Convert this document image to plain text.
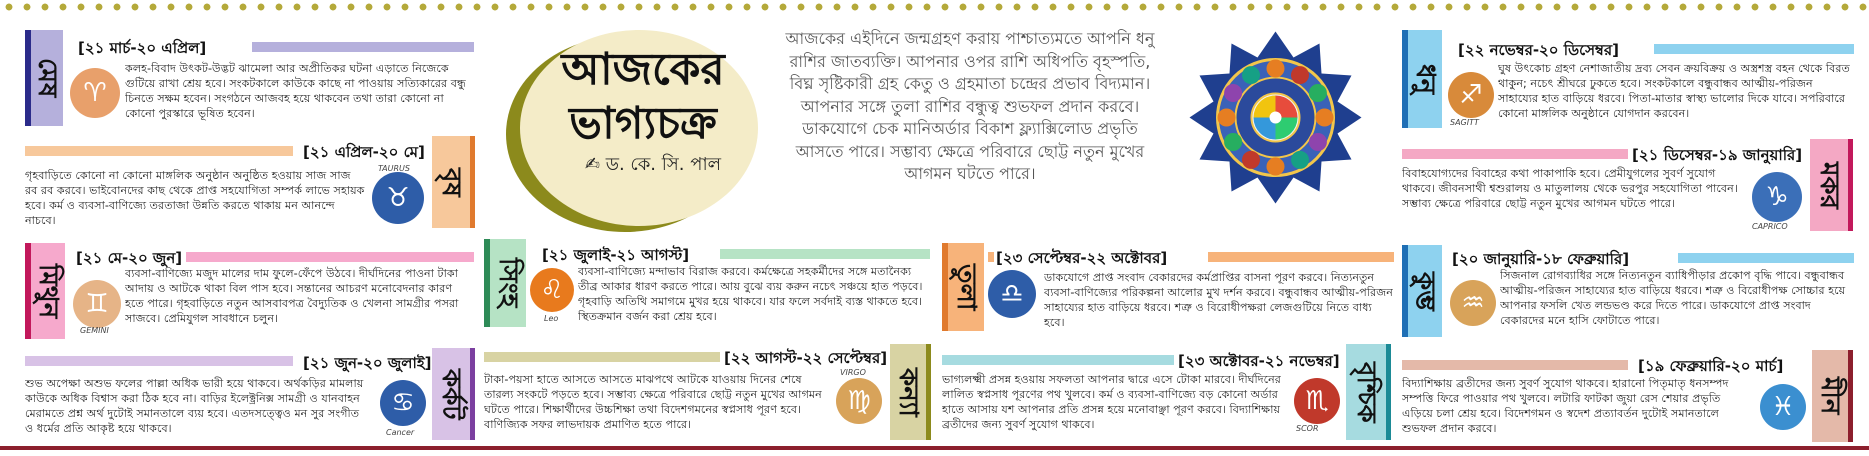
মেষ
[২১ মার্চ-২০ এপ্রিল]
♈
কলহ-বিবাদ উৎকট-উদ্ভট ঝামেলা আর অপ্রীতিকর ঘটনা এড়াতে নিজেকে গুটিয়ে রাখা শ্রেয় হবে। সংকটকালে কাউকে কাছে না পাওয়ায় সত্যিকারের বন্ধু চিনতে সক্ষম হবেন। সংগঠনে আজবহ হয়ে থাকবেন তথা তারা কোনো না কোনো পুরস্কারে ভূষিত হবেন।
[২১ এপ্রিল-২০ মে]
বৃষ
গৃহবাড়িতে কোনো না কোনো মাঙ্গলিক অনুষ্ঠান অনুষ্ঠিত হওয়ায় সাজ সাজ রব রব করবে। ভাইবোনদের কাছ থেকে প্রাপ্ত সহযোগিতা সম্পর্ক লাভে সহায়ক হবে। কর্ম ও ব্যবসা-বাণিজ্যে তরতাজা উন্নতি করতে থাকায় মন আনন্দে নাচবে।
♉
TAURUS
মিথুন
[২১ মে-২০ জুন]
♊
GEMINI
ব্যবসা-বাণিজ্যে মজুদ মালের দাম ফুলে-ফেঁপে উঠবে। দীর্ঘদিনের পাওনা টাকা আদায় ও আটকে থাকা বিল পাস হবে। সন্তানের আচরণ মনোবেদনার কারণ হতে পারে। গৃহবাড়িতে নতুন আসবাবপত্র বৈদ্যুতিক ও খেলনা সামগ্রীর পসরা সাজবে। প্রেমিযুগল সাবধানে চলুন।
[২১ জুন-২০ জুলাই]
কর্কট
শুভ অপেক্ষা অশুভ ফলের পাল্লা অধিক ভারী হয়ে থাকবে। অর্থকড়ির মামলায় কাউকে অধিক বিশ্বাস করা ঠিক হবে না। বাড়ির ইলেক্ট্রনিক্স সামগ্রী ও যানবাহন মেরামতে প্রশ্ন অর্থ দুটোই সমানতালে ব্যয় হবে। এতদসত্ত্বেও মন সুর সংগীত ও ধর্মের প্রতি আকৃষ্ট হয়ে থাকবে।
♋
Cancer
আজকের
ভাগ্যচক্র
✍ ড. কে. সি. পাল
আজকের এইদিনে জন্মগ্রহণ করায় পাশ্চাত্যমতে আপনি ধনু রাশির জাতব্যক্তি। আপনার ওপর রাশি অধিপতি বৃহস্পতি, বিঘ্ন সৃষ্টিকারী গ্রহ কেতু ও গ্রহমাতা চন্দ্রের প্রভাব বিদ্যমান। আপনার সঙ্গে তুলা রাশির বন্ধুত্ব শুভফল প্রদান করবে। ডাকযোগে চেক মানিঅর্ডার বিকাশ ফ্ল্যাক্সিলোড প্রভৃতি আসতে পারে। সম্ভাব্য ক্ষেত্রে পরিবারে ছোট্ট নতুন মুখের আগমন ঘটতে পারে।
সিংহ ♌
Leo
[২১ জুলাই-২১ আগস্ট]
ব্যবসা-বাণিজ্যে মন্দাভাব বিরাজ করবে। কর্মক্ষেত্রে সহকর্মীদের সঙ্গে মতানৈক্য তীব্র আকার ধারণ করতে পারে। আয় বুঝে ব্যয় করুন নচেৎ সঞ্চয়ে হাত পড়বে। গৃহবাড়ি অতিথি সমাগমে মুখর হয়ে থাকবে। যার ফলে সর্বদাই ব্যস্ত থাকতে হবে। স্থিতক্রমান বর্জন করা শ্রেয় হবে।
[২২ আগস্ট-২২ সেপ্টেম্বর]
কন্যা
টাকা-পয়সা হাতে আসতে আসতে মাঝপথে আটকে যাওয়ায় দিনের শেষে তারল্য সংকটে পড়তে হবে। সম্ভাব্য ক্ষেত্রে পরিবারে ছোট্ট নতুন মুখের আগমন ঘটতে পারে। শিক্ষার্থীদের উচ্চশিক্ষা তথা বিদেশগমনের স্বপ্নসাধ পূরণ হবে। বাণিজ্যিক সফর লাভদায়ক প্রমাণিত হতে পারে।
♍
VIRGO
তুলা ♎
[২৩ সেপ্টেম্বর-২২ অক্টোবর]
ডাকযোগে প্রাপ্ত সংবাদ বেকারদের কর্মপ্রাপ্তির বাসনা পূরণ করবে। নিত্যনতুন ব্যবসা-বাণিজ্যের পরিকল্পনা আলোর মুখ দর্শন করবে। বন্ধুবান্ধব আত্মীয়-পরিজন সাহায্যের হাত বাড়িয়ে ধরবে। শত্রু ও বিরোধীপক্ষরা লেজগুটিয়ে নিতে বাধ্য হবে।
[২৩ অক্টোবর-২১ নভেম্বর]
বৃশ্চিক
ভাগ্যলক্ষ্মী প্রসন্ন হওয়ায় সফলতা আপনার দ্বারে এসে টোকা মারবে। দীর্ঘদিনের লালিত স্বপ্নসাধ পূরণের পথ খুলবে। কর্ম ও ব্যবসা-বাণিজ্যে বড় কোনো অর্ডার হাতে আসায় যশ আপনার প্রতি প্রসন্ন হয়ে মনোবাঞ্ছা পূরণ করবে। বিদ্যাশিক্ষায় ব্রতীদের জন্য সুবর্ণ সুযোগ থাকবে।
♏
SCOR
ধনু
[২২ নভেম্বর-২০ ডিসেম্বর]
♐
SAGITT
ঘুষ উৎকোচ গ্রহণ নেশাজাতীয় দ্রব্য সেবন ক্রয়বিক্রয় ও অস্ত্রশস্ত্র বহন থেকে বিরত থাকুন; নচেৎ শ্রীঘরে ঢুকতে হবে। সংকটকালে বন্ধুবান্ধব আত্মীয়-পরিজন সাহায্যের হাত বাড়িয়ে ধরবে। পিতা-মাতার স্বাস্থ্য ভালোর দিকে যাবে। সপরিবারে কোনো মাঙ্গলিক অনুষ্ঠানে যোগদান করবেন।
[২১ ডিসেম্বর-১৯ জানুয়ারি]
মকর
বিবাহযোগ্যদের বিবাহের কথা পাকাপাকি হবে। প্রেমীযুগলের সুবর্ণ সুযোগ থাকবে। জীবনসাথী শ্বশুরালয় ও মাতুলালয় থেকে ভরপুর সহযোগিতা পাবেন। সম্ভাব্য ক্ষেত্রে পরিবারে ছোট্ট নতুন মুখের আগমন ঘটতে পারে।	♑
CAPRICO
কুম্ভ
[২০ জানুয়ারি-১৮ ফেব্রুয়ারি]
♒
সিজনাল রোগব্যাধির সঙ্গে নিত্যনতুন ব্যাধিপীড়ার প্রকোপ বৃদ্ধি পাবে। বন্ধুবান্ধব আত্মীয়-পরিজন সাহায্যের হাত বাড়িয়ে ধরবে। শত্রু ও বিরোধীপক্ষ সোচ্চার হয়ে আপনার ফসলি খেত লন্ডভণ্ড করে দিতে পারে। ডাকযোগে প্রাপ্ত সংবাদ বেকারদের মনে হাসি ফোটাতে পারে।
[১৯ ফেব্রুয়ারি-২০ মার্চ]
মীন
বিদ্যাশিক্ষায় ব্রতীদের জন্য সুবর্ণ সুযোগ থাকবে। হারানো পিতৃমাতৃ ধনসম্পদ সম্পত্তি ফিরে পাওয়ার পথ খুলবে। লটারি ফাটকা জুয়া রেস শেয়ার প্রভৃতি এড়িয়ে চলা শ্রেয় হবে। বিদেশগমন ও স্বদেশ প্রত্যাবর্তন দুটোই সমানতালে শুভফল প্রদান করবে।
♓
